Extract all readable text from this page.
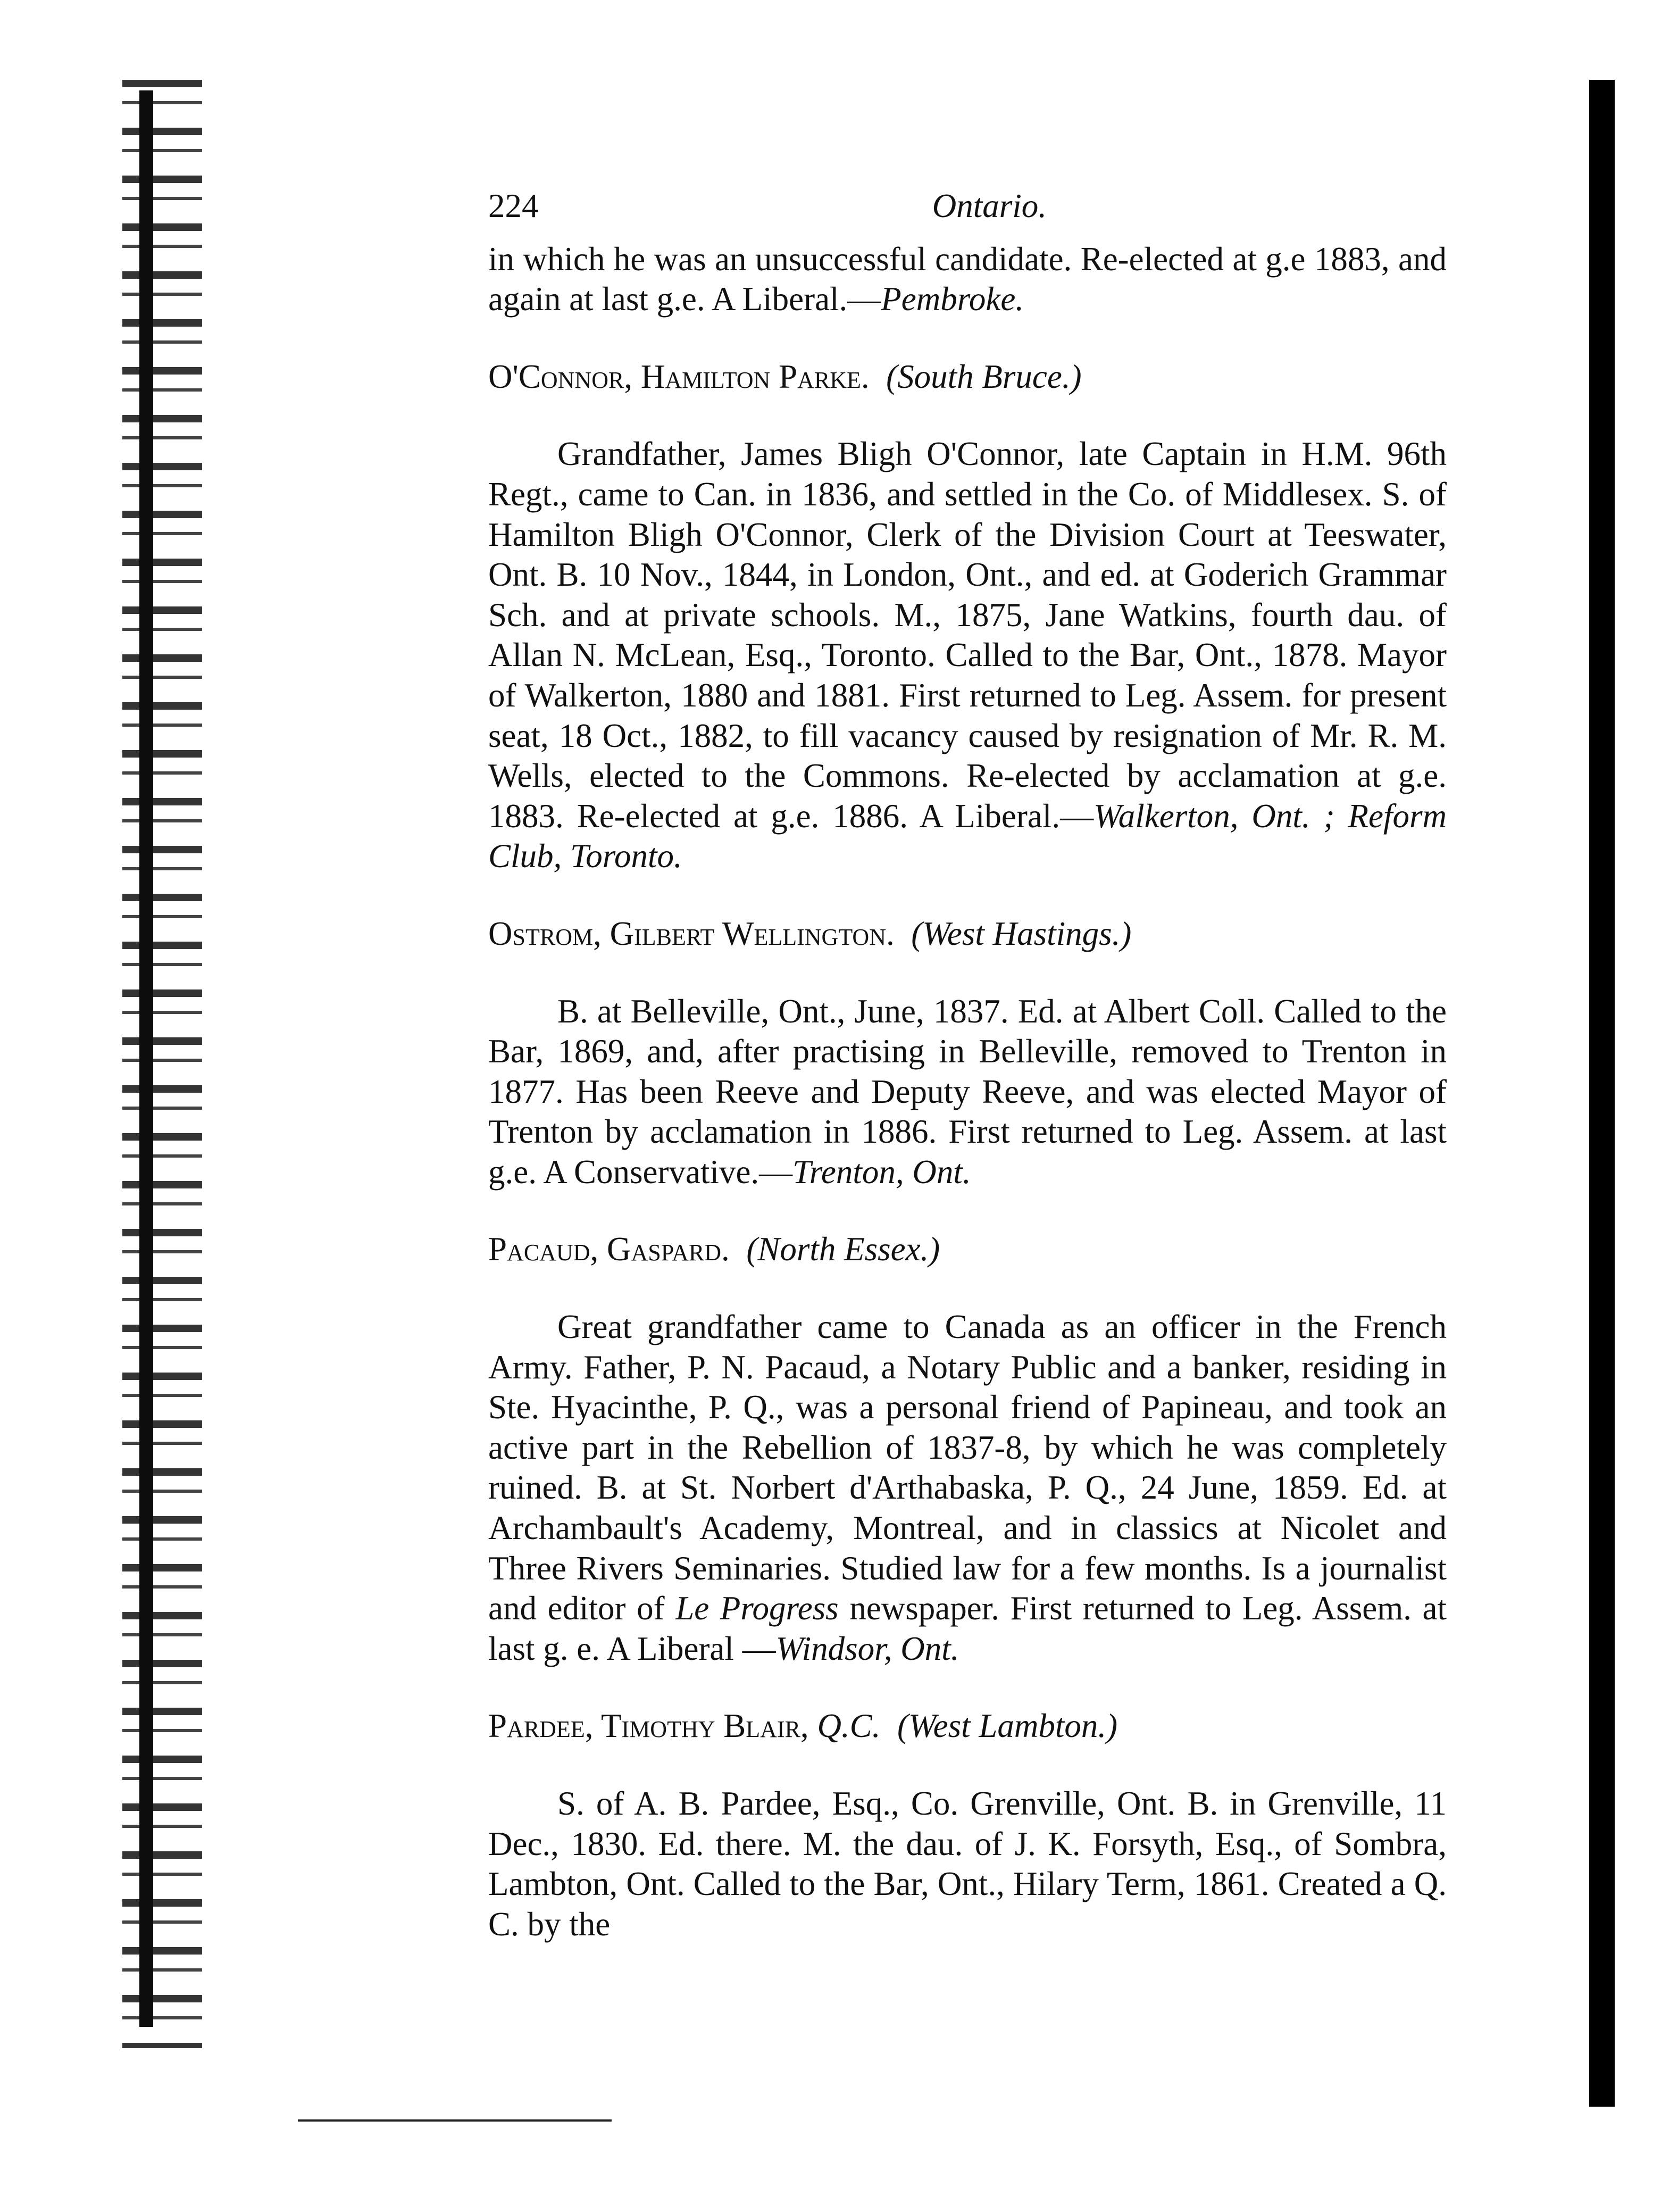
224	Ontario.

in which he was an unsuccessful candidate. Re-elected at g.e 1883, and again at last g.e. A Liberal.—Pembroke.

O'Connor, Hamilton Parke. (South Bruce.)

Grandfather, James Bligh O'Connor, late Captain in H.M. 96th Regt., came to Can. in 1836, and settled in the Co. of Middlesex. S. of Hamilton Bligh O'Connor, Clerk of the Division Court at Teeswater, Ont. B. 10 Nov., 1844, in London, Ont., and ed. at Goderich Grammar Sch. and at private schools. M., 1875, Jane Watkins, fourth dau. of Allan N. McLean, Esq., Toronto. Called to the Bar, Ont., 1878. Mayor of Walkerton, 1880 and 1881. First returned to Leg. Assem. for present seat, 18 Oct., 1882, to fill vacancy caused by resignation of Mr. R. M. Wells, elected to the Commons. Re-elected by acclamation at g.e. 1883. Re-elected at g.e. 1886. A Liberal.—Walkerton, Ont. ; Reform Club, Toronto.

Ostrom, Gilbert Wellington. (West Hastings.)

B. at Belleville, Ont., June, 1837. Ed. at Albert Coll. Called to the Bar, 1869, and, after practising in Belleville, removed to Trenton in 1877. Has been Reeve and Deputy Reeve, and was elected Mayor of Trenton by acclamation in 1886. First returned to Leg. Assem. at last g.e. A Conservative.—Trenton, Ont.

Pacaud, Gaspard. (North Essex.)

Great grandfather came to Canada as an officer in the French Army. Father, P. N. Pacaud, a Notary Public and a banker, residing in Ste. Hyacinthe, P. Q., was a personal friend of Papineau, and took an active part in the Rebellion of 1837-8, by which he was completely ruined. B. at St. Norbert d'Arthabaska, P. Q., 24 June, 1859. Ed. at Archambault's Academy, Montreal, and in classics at Nicolet and Three Rivers Seminaries. Studied law for a few months. Is a journalist and editor of Le Progress newspaper. First returned to Leg. Assem. at last g. e. A Liberal —Windsor, Ont.

Pardee, Timothy Blair, Q.C. (West Lambton.)

S. of A. B. Pardee, Esq., Co. Grenville, Ont. B. in Grenville, 11 Dec., 1830. Ed. there. M. the dau. of J. K. Forsyth, Esq., of Sombra, Lambton, Ont. Called to the Bar, Ont., Hilary Term, 1861. Created a Q. C. by the
